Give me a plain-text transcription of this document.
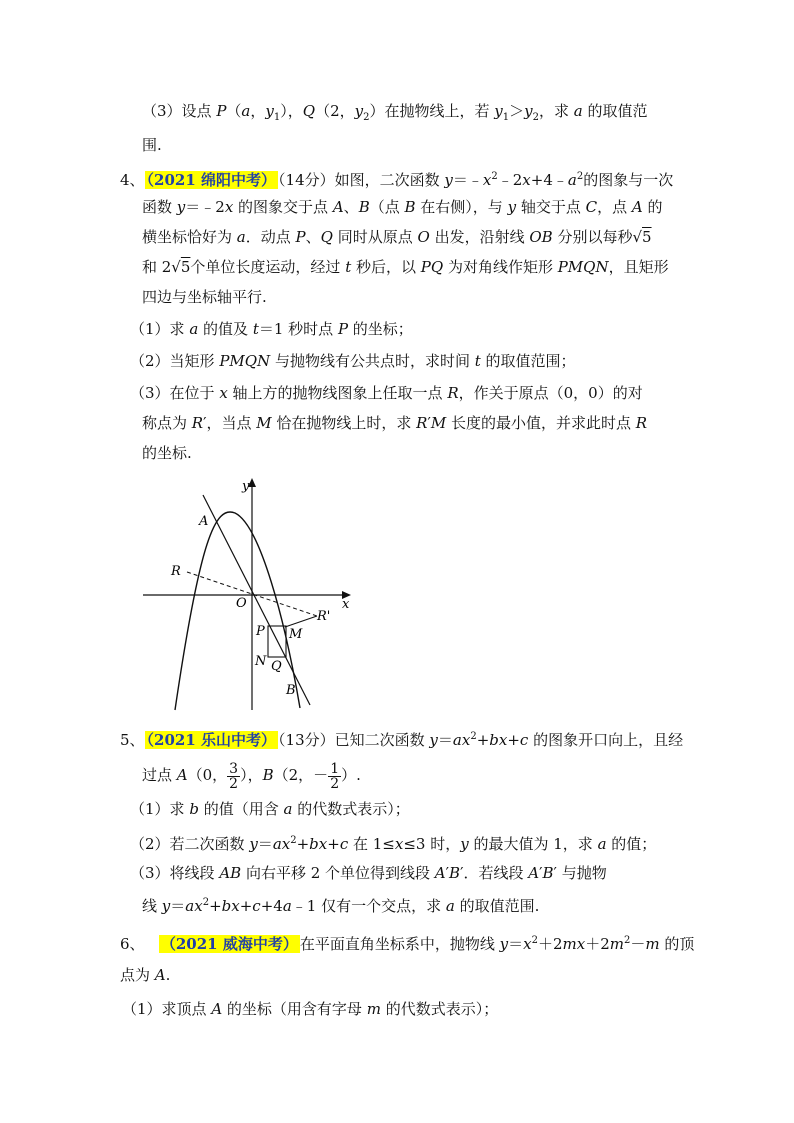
（3）设点 P（a，$y_1$），Q（2，$y_2$）在抛物线上，若 $y_1>y_2$，求 a 的取值范
围.
4、 （2021 绵阳中考） （14分）如图，二次函数 $y=﹣x^2﹣2x+4﹣a^2$的图象与一次
函数 y＝﹣2x 的图象交于点 A、B（点 B 在右侧），与 y 轴交于点 C，点 A 的
横坐标恰好为 a．动点 P、Q 同时从原点 O 出发，沿射线 OB 分别以每秒√5
和 2√5个单位长度运动，经过 t 秒后，以 PQ 为对角线作矩形 PMQN，且矩形
四边与坐标轴平行.
（1）求 a 的值及 t＝1 秒时点 P 的坐标；
（2）当矩形 PMQN 与抛物线有公共点时，求时间 t 的取值范围；
（3）在位于 x 轴上方的抛物线图象上任取一点 R，作关于原点（0，0）的对
称点为 R′，当点 M 恰在抛物线上时，求 R′M 长度的最小值，并求此时点 R
的坐标.
y
x
A
R
O
R'
P M
N Q
B
5、 （2021 乐山中考） （13分）已知二次函数 $y=ax^2+bx+c$ 的图象开口向上，且经
过点 A（0， $\frac{3}{2}$ ），B（2，－ $\frac{1}{2}$ ）.
（1）求 b 的值（用含 a 的代数式表示）；
（2）若二次函数 $y=ax^2+bx+c$ 在 1≤x≤3 时，y 的最大值为 1，求 a 的值；
（3）将线段 AB 向右平移 2 个单位得到线段 A′B′．若线段 A′B′ 与抛物
线 $y=ax^2+bx+c+4a﹣1$ 仅有一个交点，求 a 的取值范围.
6、 （2021 威海中考） 在平面直角坐标系中，抛物线 $y=x^2+2mx+2m^2-m$ 的顶
点为 A.
（1）求顶点 A 的坐标（用含有字母 m 的代数式表示）；
